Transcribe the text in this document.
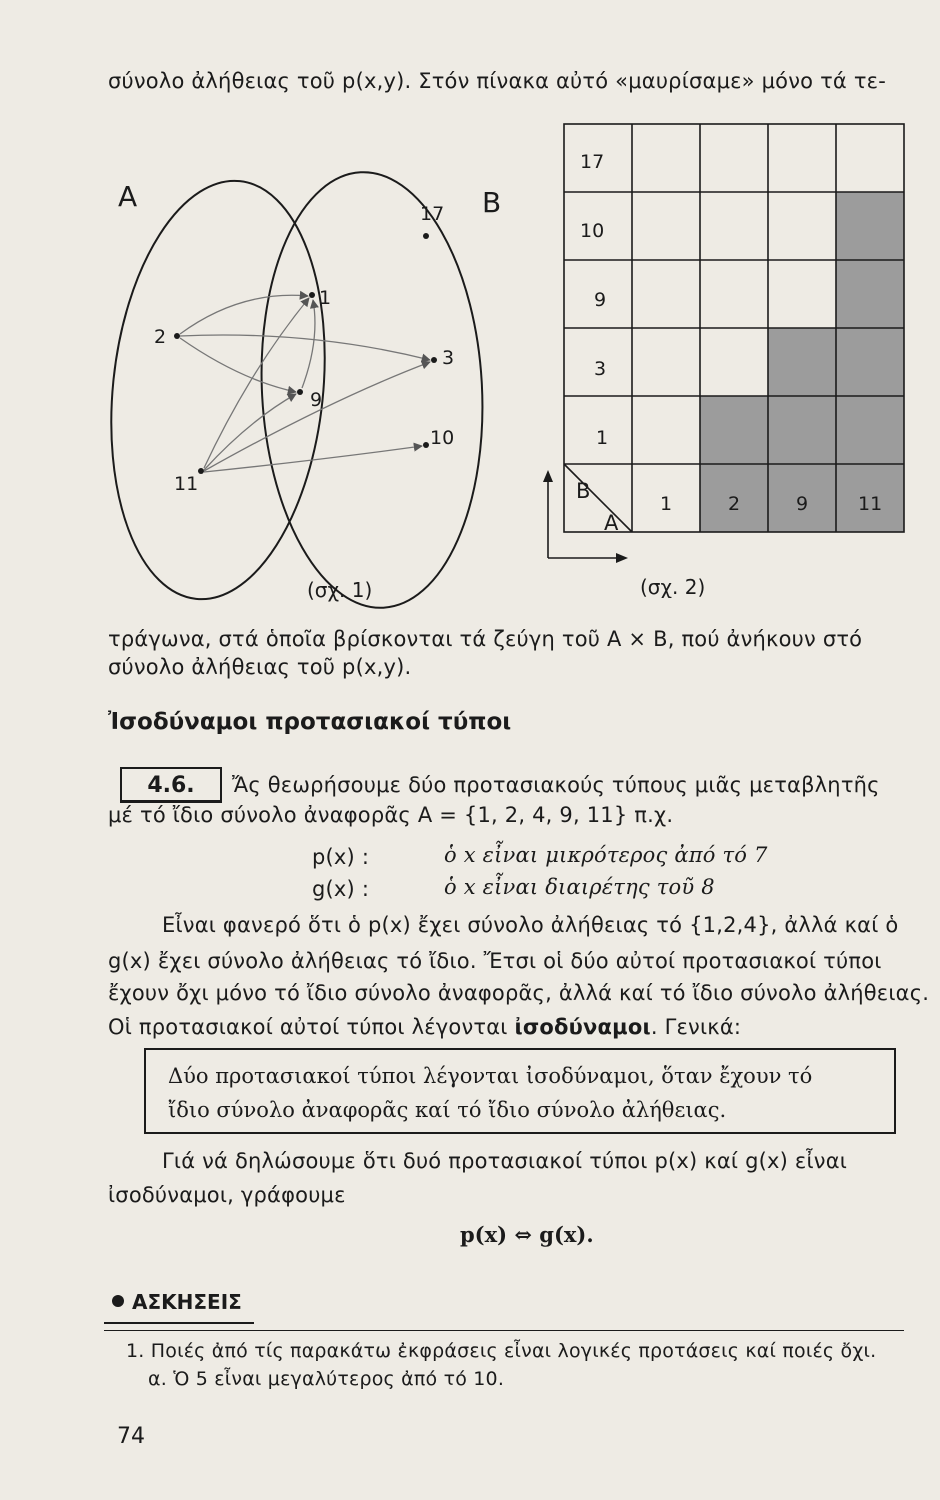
σύνολο ἀλήθειας τοῦ p(x,y). Στόν πίνακα αὐτό «μαυρίσαμε» μόνο τά τε-
A	B
2
11
1
9
3
10
17
(σχ. 1)
17
10
9
3
1
B
A
1	2	9	11
(σχ. 2)
τράγωνα, στά ὁποῖα βρίσκονται τά ζεύγη τοῦ A × B, πού ἀνήκουν στό
σύνολο ἀλήθειας τοῦ p(x,y).
Ἰσοδύναμοι προτασιακοί τύποι
4.6.	Ἄς θεωρήσουμε δύο προτασιακούς τύπους μιᾶς μεταβλητῆς
μέ τό ἴδιο σύνολο ἀναφορᾶς A = {1, 2, 4, 9, 11} π.χ.
p(x) :	ὁ x εἶναι μικρότερος ἀπό τό 7
g(x) :	ὁ x εἶναι διαιρέτης τοῦ 8
Εἶναι φανερό ὅτι ὁ p(x) ἔχει σύνολο ἀλήθειας τό {1,2,4}, ἀλλά καί ὁ
g(x) ἔχει σύνολο ἀλήθειας τό ἴδιο. Ἔτσι οἱ δύο αὐτοί προτασιακοί τύποι
ἔχουν ὄχι μόνο τό ἴδιο σύνολο ἀναφορᾶς, ἀλλά καί τό ἴδιο σύνολο ἀλήθειας.
Οἱ προτασιακοί αὐτοί τύποι λέγονται ἰσοδύναμοι. Γενικά:
Δύο προτασιακοί τύποι λέγονται ἰσοδύναμοι, ὅταν ἔχουν τό
ἴδιο σύνολο ἀναφορᾶς καί τό ἴδιο σύνολο ἀλήθειας.
Γιά νά δηλώσουμε ὅτι δυό προτασιακοί τύποι p(x) καί g(x) εἶναι
ἰσοδύναμοι, γράφουμε
p(x) ⇔ g(x).
ΑΣΚΗΣΕΙΣ
1. Ποιές ἀπό τίς παρακάτω ἐκφράσεις εἶναι λογικές προτάσεις καί ποιές ὄχι.
α. Ὁ 5 εἶναι μεγαλύτερος ἀπό τό 10.
74
